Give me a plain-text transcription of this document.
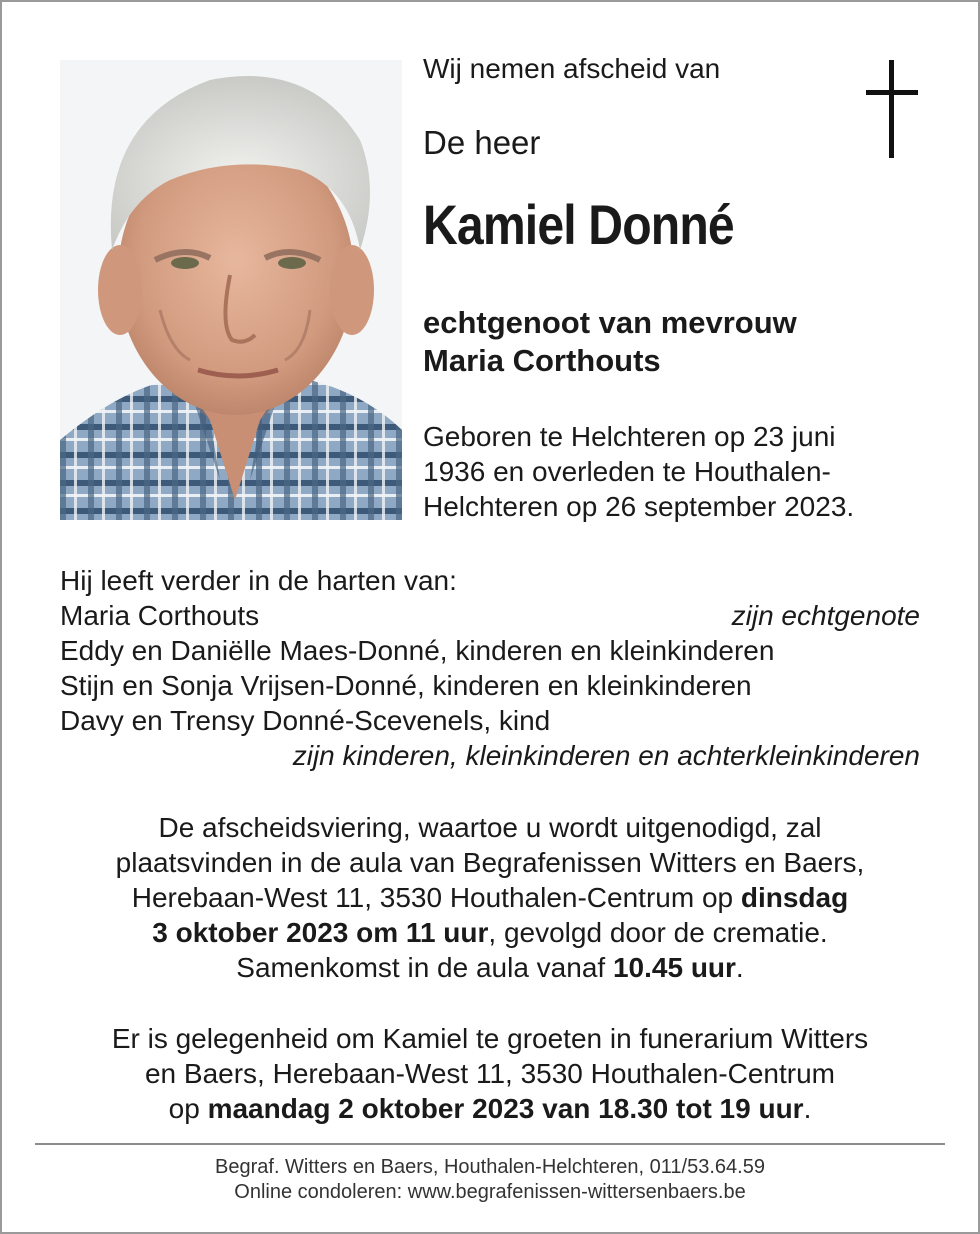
Wij nemen afscheid van
De heer
Kamiel Donné
echtgenoot van mevrouw
Maria Corthouts
Geboren te Helchteren op 23 juni
1936 en overleden te Houthalen-
Helchteren op 26 september 2023.
Hij leeft verder in de harten van:
Maria Corthouts	zijn echtgenote
Eddy en Daniëlle Maes-Donné, kinderen en kleinkinderen
Stijn en Sonja Vrijsen-Donné, kinderen en kleinkinderen
Davy en Trensy Donné-Scevenels, kind
zijn kinderen, kleinkinderen en achterkleinkinderen
De afscheidsviering, waartoe u wordt uitgenodigd, zal
plaatsvinden in de aula van Begrafenissen Witters en Baers,
Herebaan-West 11, 3530 Houthalen-Centrum op dinsdag
3 oktober 2023 om 11 uur, gevolgd door de crematie.
Samenkomst in de aula vanaf 10.45 uur.
Er is gelegenheid om Kamiel te groeten in funerarium Witters
en Baers, Herebaan-West 11, 3530 Houthalen-Centrum
op maandag 2 oktober 2023 van 18.30 tot 19 uur.
Begraf. Witters en Baers, Houthalen-Helchteren, 011/53.64.59
Online condoleren: www.begrafenissen-wittersenbaers.be
